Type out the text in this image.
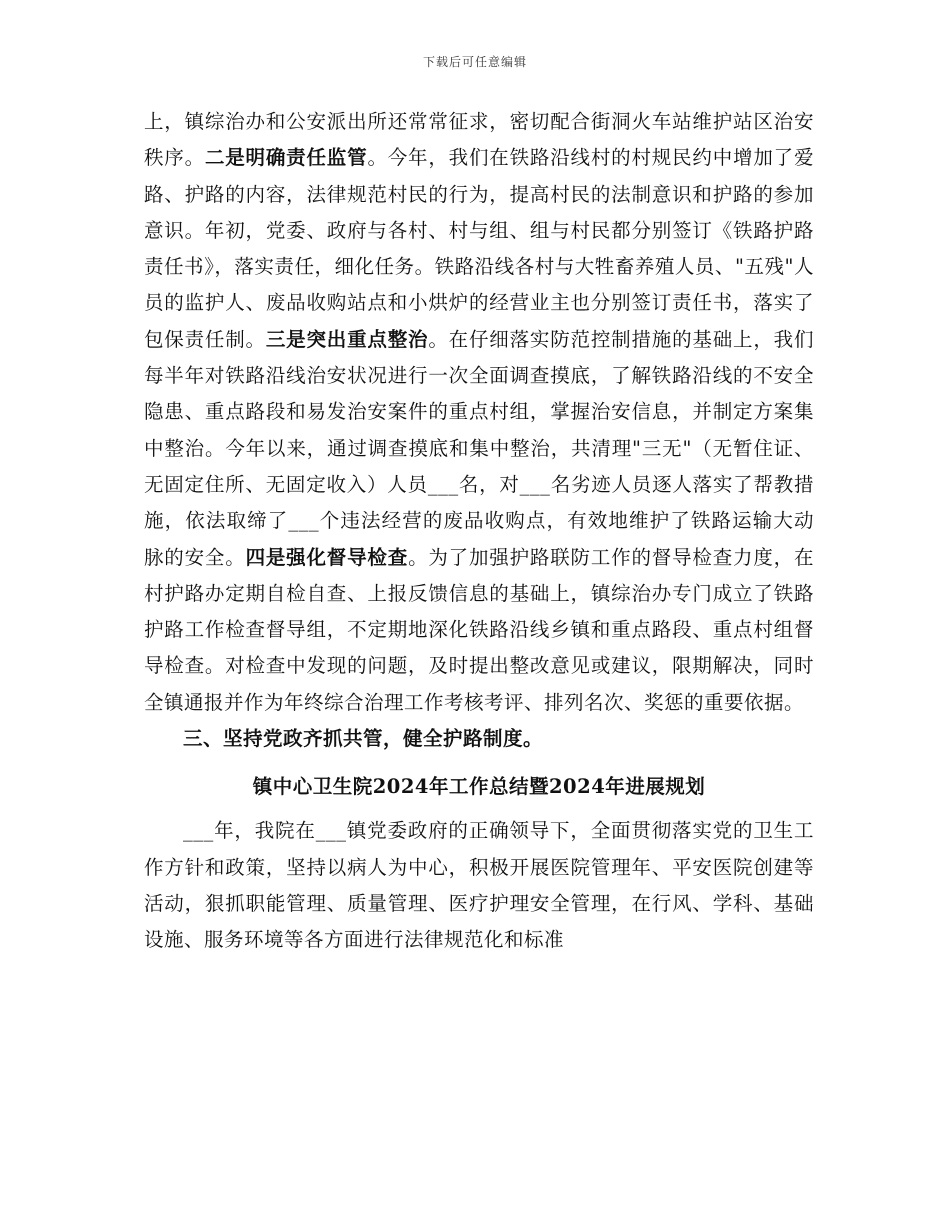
下载后可任意编辑

上，镇综治办和公安派出所还常常征求，密切配合街洞火车站维护站区治安秩序。二是明确责任监管。今年，我们在铁路沿线村的村规民约中增加了爱路、护路的内容，法律规范村民的行为，提高村民的法制意识和护路的参加意识。年初，党委、政府与各村、村与组、组与村民都分别签订《铁路护路责任书》，落实责任，细化任务。铁路沿线各村与大牲畜养殖人员、"五残"人员的监护人、废品收购站点和小烘炉的经营业主也分别签订责任书，落实了包保责任制。三是突出重点整治。在仔细落实防范控制措施的基础上，我们每半年对铁路沿线治安状况进行一次全面调查摸底，了解铁路沿线的不安全隐患、重点路段和易发治安案件的重点村组，掌握治安信息，并制定方案集中整治。今年以来，通过调查摸底和集中整治，共清理"三无"（无暂住证、无固定住所、无固定收入）人员___名，对___名劣迹人员逐人落实了帮教措施，依法取缔了___个违法经营的废品收购点，有效地维护了铁路运输大动脉的安全。四是强化督导检查。为了加强护路联防工作的督导检查力度，在村护路办定期自检自查、上报反馈信息的基础上，镇综治办专门成立了铁路护路工作检查督导组，不定期地深化铁路沿线乡镇和重点路段、重点村组督导检查。对检查中发现的问题，及时提出整改意见或建议，限期解决，同时全镇通报并作为年终综合治理工作考核考评、排列名次、奖惩的重要依据。

三、坚持党政齐抓共管，健全护路制度。

镇中心卫生院2024年工作总结暨2024年进展规划

___年，我院在___镇党委政府的正确领导下，全面贯彻落实党的卫生工作方针和政策，坚持以病人为中心，积极开展医院管理年、平安医院创建等活动，狠抓职能管理、质量管理、医疗护理安全管理，在行风、学科、基础设施、服务环境等各方面进行法律规范化和标准
